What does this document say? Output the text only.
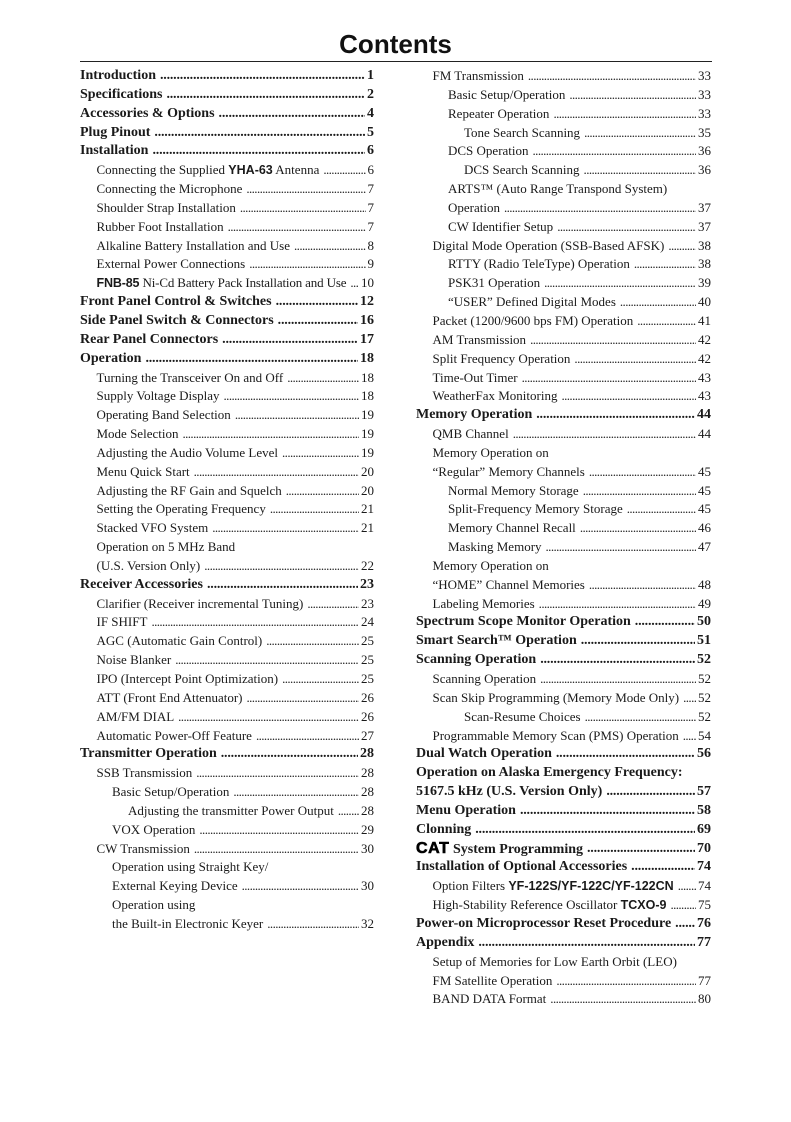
Contents
Introduction .....	1
Specifications .....	2
Accessories & Options .....	4
Plug Pinout .....	5
Installation .....	6
Connecting the Supplied YHA-63 Antenna .....	6
Connecting the Microphone .....	7
Shoulder Strap Installation .....	7
Rubber Foot Installation .....	7
Alkaline Battery Installation and Use .....	8
External Power Connections .....	9
FNB-85 Ni-Cd Battery Pack Installation and Use ..... 10
Front Panel Control & Switches .....	12
Side Panel Switch & Connectors .....	16
Rear Panel Connectors .....	17
Operation .....	18
Turning the Transceiver On and Off .....	18
Supply Voltage Display .....	18
Operating Band Selection .....	19
Mode Selection .....	19
Adjusting the Audio Volume Level .....	19
Menu Quick Start .....	20
Adjusting the RF Gain and Squelch .....	20
Setting the Operating Frequency .....	21
Stacked VFO System .....	21
Operation on 5 MHz Band
(U.S. Version Only) .....	22
Receiver Accessories .....	23
Clarifier (Receiver incremental Tuning) .....	23
IF SHIFT .....	24
AGC (Automatic Gain Control) .....	25
Noise Blanker .....	25
IPO (Intercept Point Optimization) .....	25
ATT (Front End Attenuator) .....	26
AM/FM DIAL .....	26
Automatic Power-Off Feature .....	27
Transmitter Operation .....	28
SSB Transmission .....	28
Basic Setup/Operation .....	28
Adjusting the transmitter Power Output ..... 28
VOX Operation .....	29
CW Transmission .....	30
Operation using Straight Key/
External Keying Device .....	30
Operation using
the Built-in Electronic Keyer .....	32
FM Transmission .....	33
Basic Setup/Operation .....	33
Repeater Operation .....	33
Tone Search Scanning .....	35
DCS Operation .....	36
DCS Search Scanning .....	36
ARTS™ (Auto Range Transpond System)
Operation .....	37
CW Identifier Setup .....	37
Digital Mode Operation (SSB-Based AFSK) .....	38
RTTY (Radio TeleType) Operation .....	38
PSK31 Operation .....	39
“USER” Defined Digital Modes .....	40
Packet (1200/9600 bps FM) Operation .....	41
AM Transmission .....	42
Split Frequency Operation .....	42
Time-Out Timer .....	43
WeatherFax Monitoring .....	43
Memory Operation .....	44
QMB Channel .....	44
Memory Operation on
“Regular” Memory Channels .....	45
Normal Memory Storage .....	45
Split-Frequency Memory Storage .....	45
Memory Channel Recall .....	46
Masking Memory .....	47
Memory Operation on
“HOME” Channel Memories .....	48
Labeling Memories .....	49
Spectrum Scope Monitor Operation .....	50
Smart Search™ Operation .....	51
Scanning Operation .....	52
Scanning Operation .....	52
Scan Skip Programming (Memory Mode Only) ..... 52
Scan-Resume Choices .....	52
Programmable Memory Scan (PMS) Operation ..... 54
Dual Watch Operation .....	56
Operation on Alaska Emergency Frequency:
5167.5 kHz (U.S. Version Only) .....	57
Menu Operation .....	58
Clonning .....	69
CAT System Programming .....	70
Installation of Optional Accessories .....	74
Option Filters YF-122S/YF-122C/YF-122CN ..... 74
High-Stability Reference Oscillator TCXO-9 ..... 75
Power-on Microprocessor Reset Procedure ..... 76
Appendix .....	77
Setup of Memories for Low Earth Orbit (LEO)
FM Satellite Operation .....	77
BAND DATA Format .....	80
